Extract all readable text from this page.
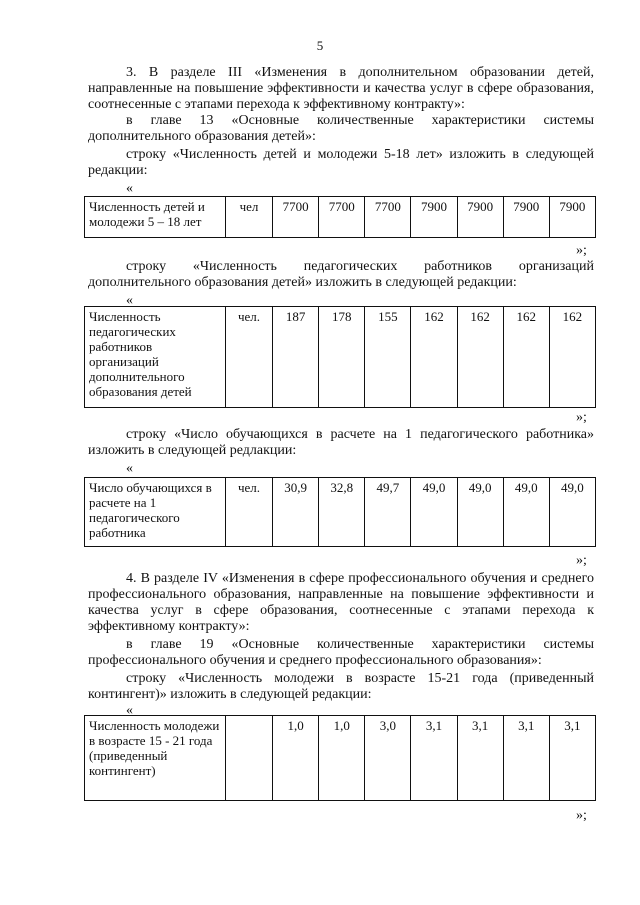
5
3. В разделе III «Изменения в дополнительном образовании детей,
направленные на повышение эффективности и качества услуг в сфере образования,
соотнесенные с этапами перехода к эффективному контракту»:
в главе 13 «Основные количественные характеристики системы
дополнительного образования детей»:
строку «Численность детей и молодежи 5-18 лет» изложить в следующей
редакции:
«
Численность детей и молодежи 5 – 18 лет	чел	7700	7700	7700	7900	7900	7900	7900
»;
строку «Численность педагогических работников организаций
дополнительного образования детей» изложить в следующей редакции:
«
Численность педагогических работников организаций дополнительного образования детей	чел.	187	178	155	162	162	162	162
»;
строку «Число обучающихся в расчете на 1 педагогического работника»
изложить в следующей редлакции:
«
Число обучающихся в расчете на 1 педагогического работника	чел.	30,9	32,8	49,7	49,0	49,0	49,0	49,0
»;
4. В разделе IV «Изменения в сфере профессионального обучения и среднего
профессионального образования, направленные на повышение эффективности и
качества услуг в сфере образования, соотнесенные с этапами перехода к
эффективному контракту»:
в главе 19 «Основные количественные характеристики системы
профессионального обучения и среднего профессионального образования»:
строку «Численность молодежи в возрасте 15-21 года (приведенный
контингент)» изложить в следующей редакции:
«
Численность молодежи в возрасте 15 - 21 года (приведенный контингент)		1,0	1,0	3,0	3,1	3,1	3,1	3,1
»;
